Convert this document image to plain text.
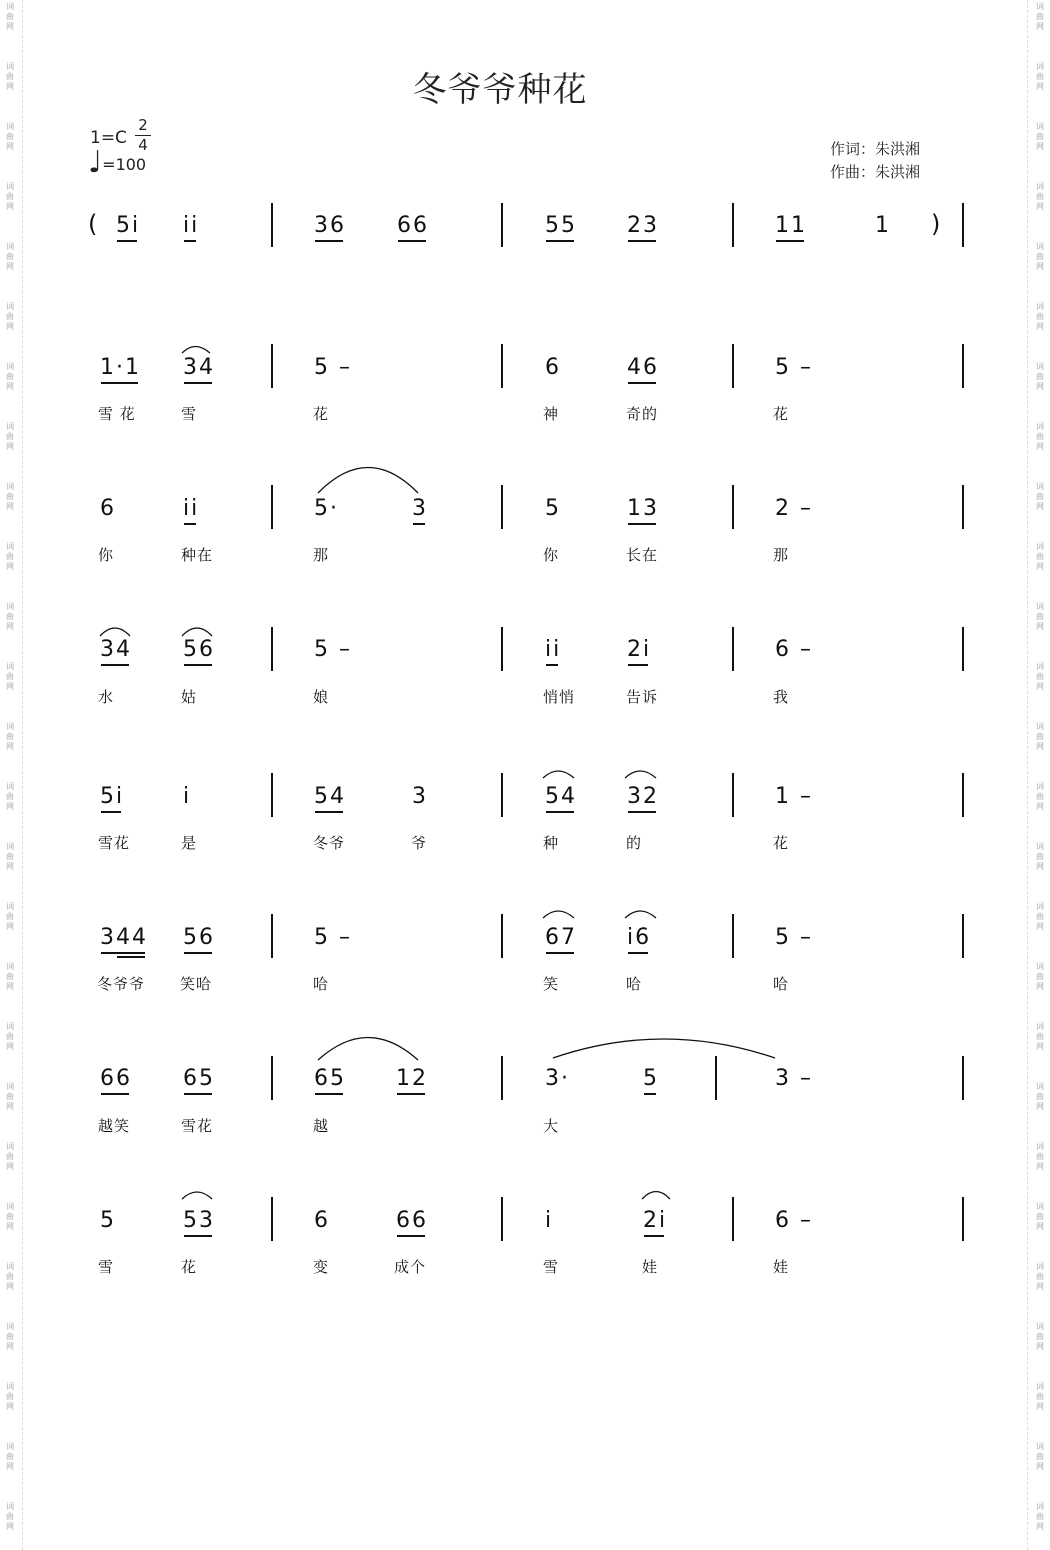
词
曲
网
词
曲
网
词
曲
网
词
曲
网
词
曲
网
词
曲
网
词
曲
网
词
曲
网
词
曲
网
词
曲
网
词
曲
网
词
曲
网
词
曲
网
词
曲
网
词
曲
网
词
曲
网
词
曲
网
词
曲
网
词
曲
网
词
曲
网
词
曲
网
词
曲
网
词
曲
网
词
曲
网
词
曲
网
词
曲
网
词
曲
网
词
曲
网
词
曲
网
词
曲
网
词
曲
网
词
曲
网
词
曲
网
词
曲
网
词
曲
网
词
曲
网
词
曲
网
词
曲
网
词
曲
网
词
曲
网
词
曲
网
词
曲
网
词
曲
网
词
曲
网
词
曲
网
词
曲
网
词
曲
网
词
曲
网
词
曲
网
词
曲
网
词
曲
网
词
曲
网
冬爷爷种花
1=C
2
4
♩=100
作词：朱洪湘
作曲：朱洪湘
( 5i ii	36 66	55 23	11	1 )
1·1 34	5 –	6	46	5 –
雪 花	雪	花	神	奇的	花
6	ii	5·	3	5	13	2 –
你	种在	那	你	长在	那
34 56	5 –	ii	2i	6 –
水	姑	娘	悄悄	告诉	我
5i	i	54	3	54 32	1 –
雪花	是	冬爷	爷	种	的	花
344 56	5 –	67 i6	5 –
冬爷爷 笑哈	哈	笑	哈	哈
66 65	65 12	3·	5	3 –
越笑	雪花	越	大
5	53	6	66	i	2i	6 –
雪	花	变	成个	雪	娃	娃
